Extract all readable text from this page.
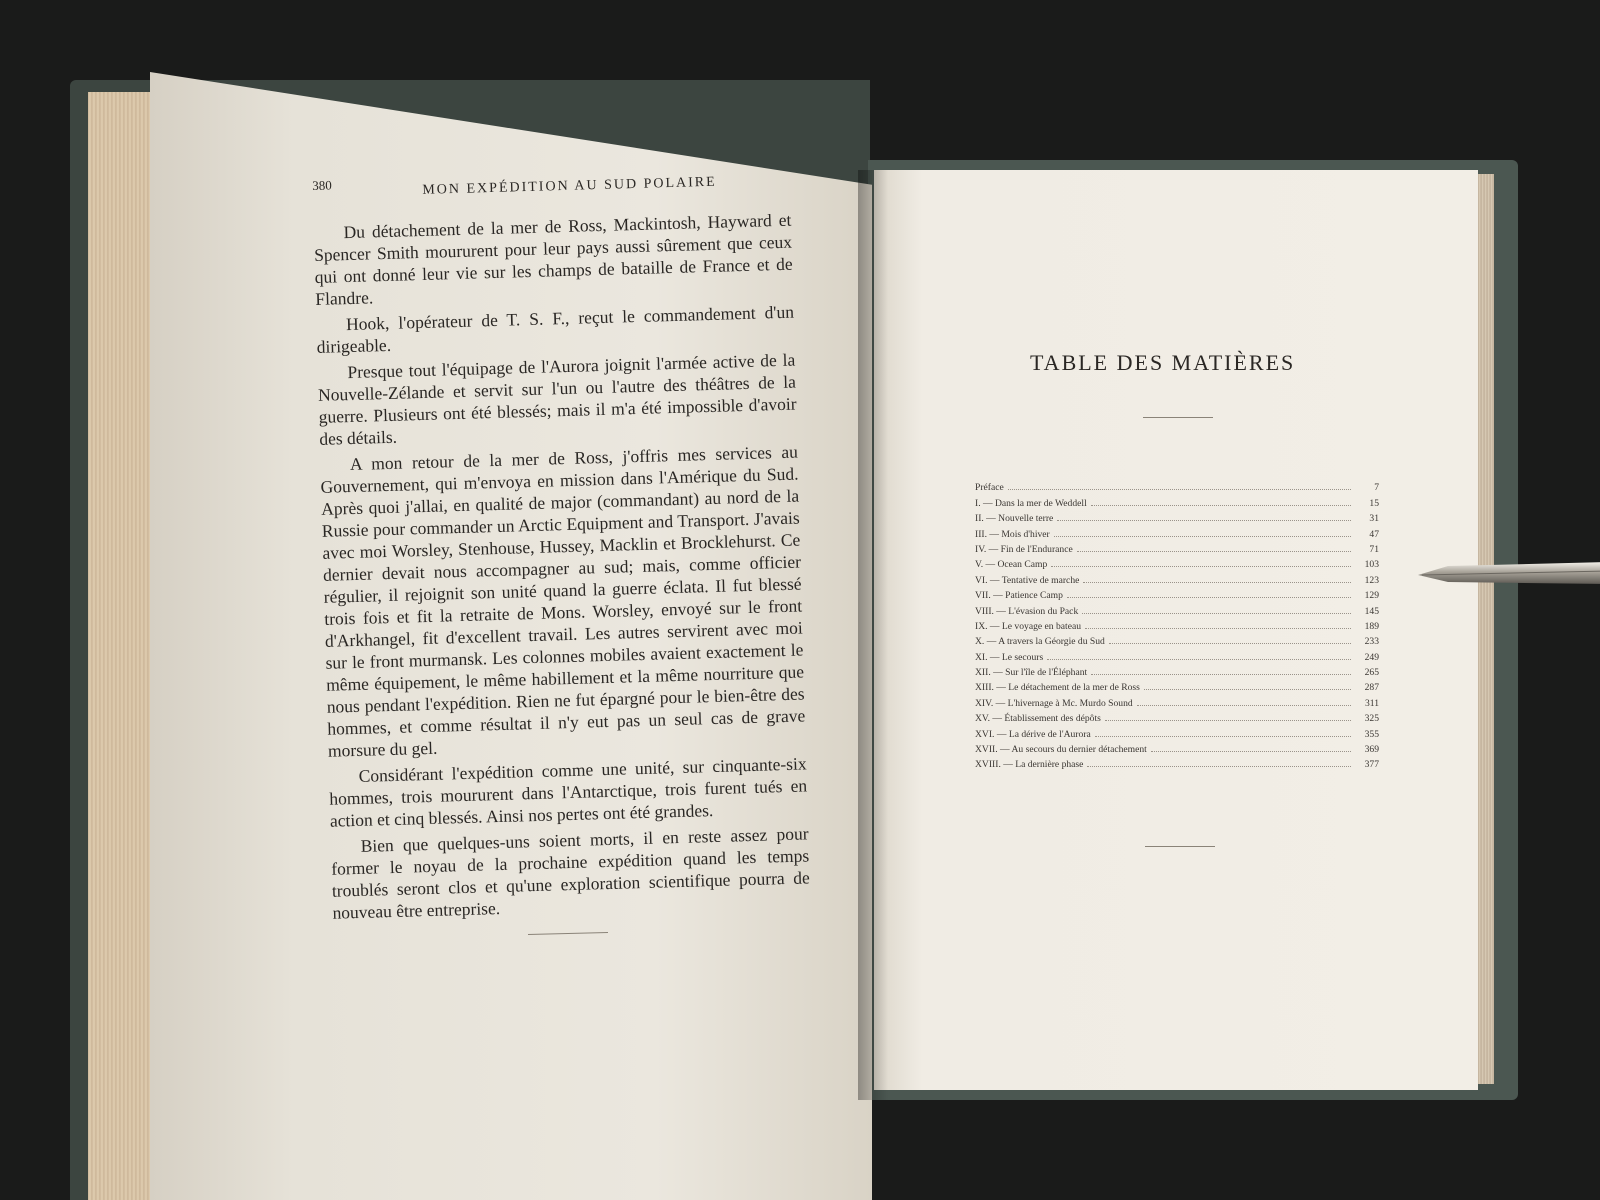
380	MON EXPÉDITION AU SUD POLAIRE

Du détachement de la mer de Ross, Mackintosh, Hayward et Spencer Smith moururent pour leur pays aussi sûrement que ceux qui ont donné leur vie sur les champs de bataille de France et de Flandre.

Hook, l'opérateur de T. S. F., reçut le commandement d'un dirigeable.

Presque tout l'équipage de l'Aurora joignit l'armée active de la Nouvelle-Zélande et servit sur l'un ou l'autre des théâtres de la guerre. Plusieurs ont été blessés; mais il m'a été impossible d'avoir des détails.

A mon retour de la mer de Ross, j'offris mes services au Gouvernement, qui m'envoya en mission dans l'Amérique du Sud. Après quoi j'allai, en qualité de major (commandant) au nord de la Russie pour commander un Arctic Equipment and Transport. J'avais avec moi Worsley, Stenhouse, Hussey, Macklin et Brocklehurst. Ce dernier devait nous accompagner au sud; mais, comme officier régulier, il rejoignit son unité quand la guerre éclata. Il fut blessé trois fois et fit la retraite de Mons. Worsley, envoyé sur le front d'Arkhangel, fit d'excellent travail. Les autres servirent avec moi sur le front murmansk. Les colonnes mobiles avaient exactement le même équipement, le même habillement et la même nourriture que nous pendant l'expédition. Rien ne fut épargné pour le bien-être des hommes, et comme résultat il n'y eut pas un seul cas de grave morsure du gel.

Considérant l'expédition comme une unité, sur cinquante-six hommes, trois moururent dans l'Antarctique, trois furent tués en action et cinq blessés. Ainsi nos pertes ont été grandes.

Bien que quelques-uns soient morts, il en reste assez pour former le noyau de la prochaine expédition quand les temps troublés seront clos et qu'une exploration scientifique pourra de nouveau être entreprise.

TABLE DES MATIÈRES
Préface	7
I. — Dans la mer de Weddell	15
II. — Nouvelle terre	31
III. — Mois d'hiver	47
IV. — Fin de l'Endurance	71
V. — Ocean Camp	103
VI. — Tentative de marche	123
VII. — Patience Camp	129
VIII. — L'évasion du Pack	145
IX. — Le voyage en bateau	189
X. — A travers la Géorgie du Sud	233
XI. — Le secours	249
XII. — Sur l'île de l'Éléphant	265
XIII. — Le détachement de la mer de Ross	287
XIV. — L'hivernage à Mc. Murdo Sound	311
XV. — Établissement des dépôts	325
XVI. — La dérive de l'Aurora	355
XVII. — Au secours du dernier détachement	369
XVIII. — La dernière phase	377
